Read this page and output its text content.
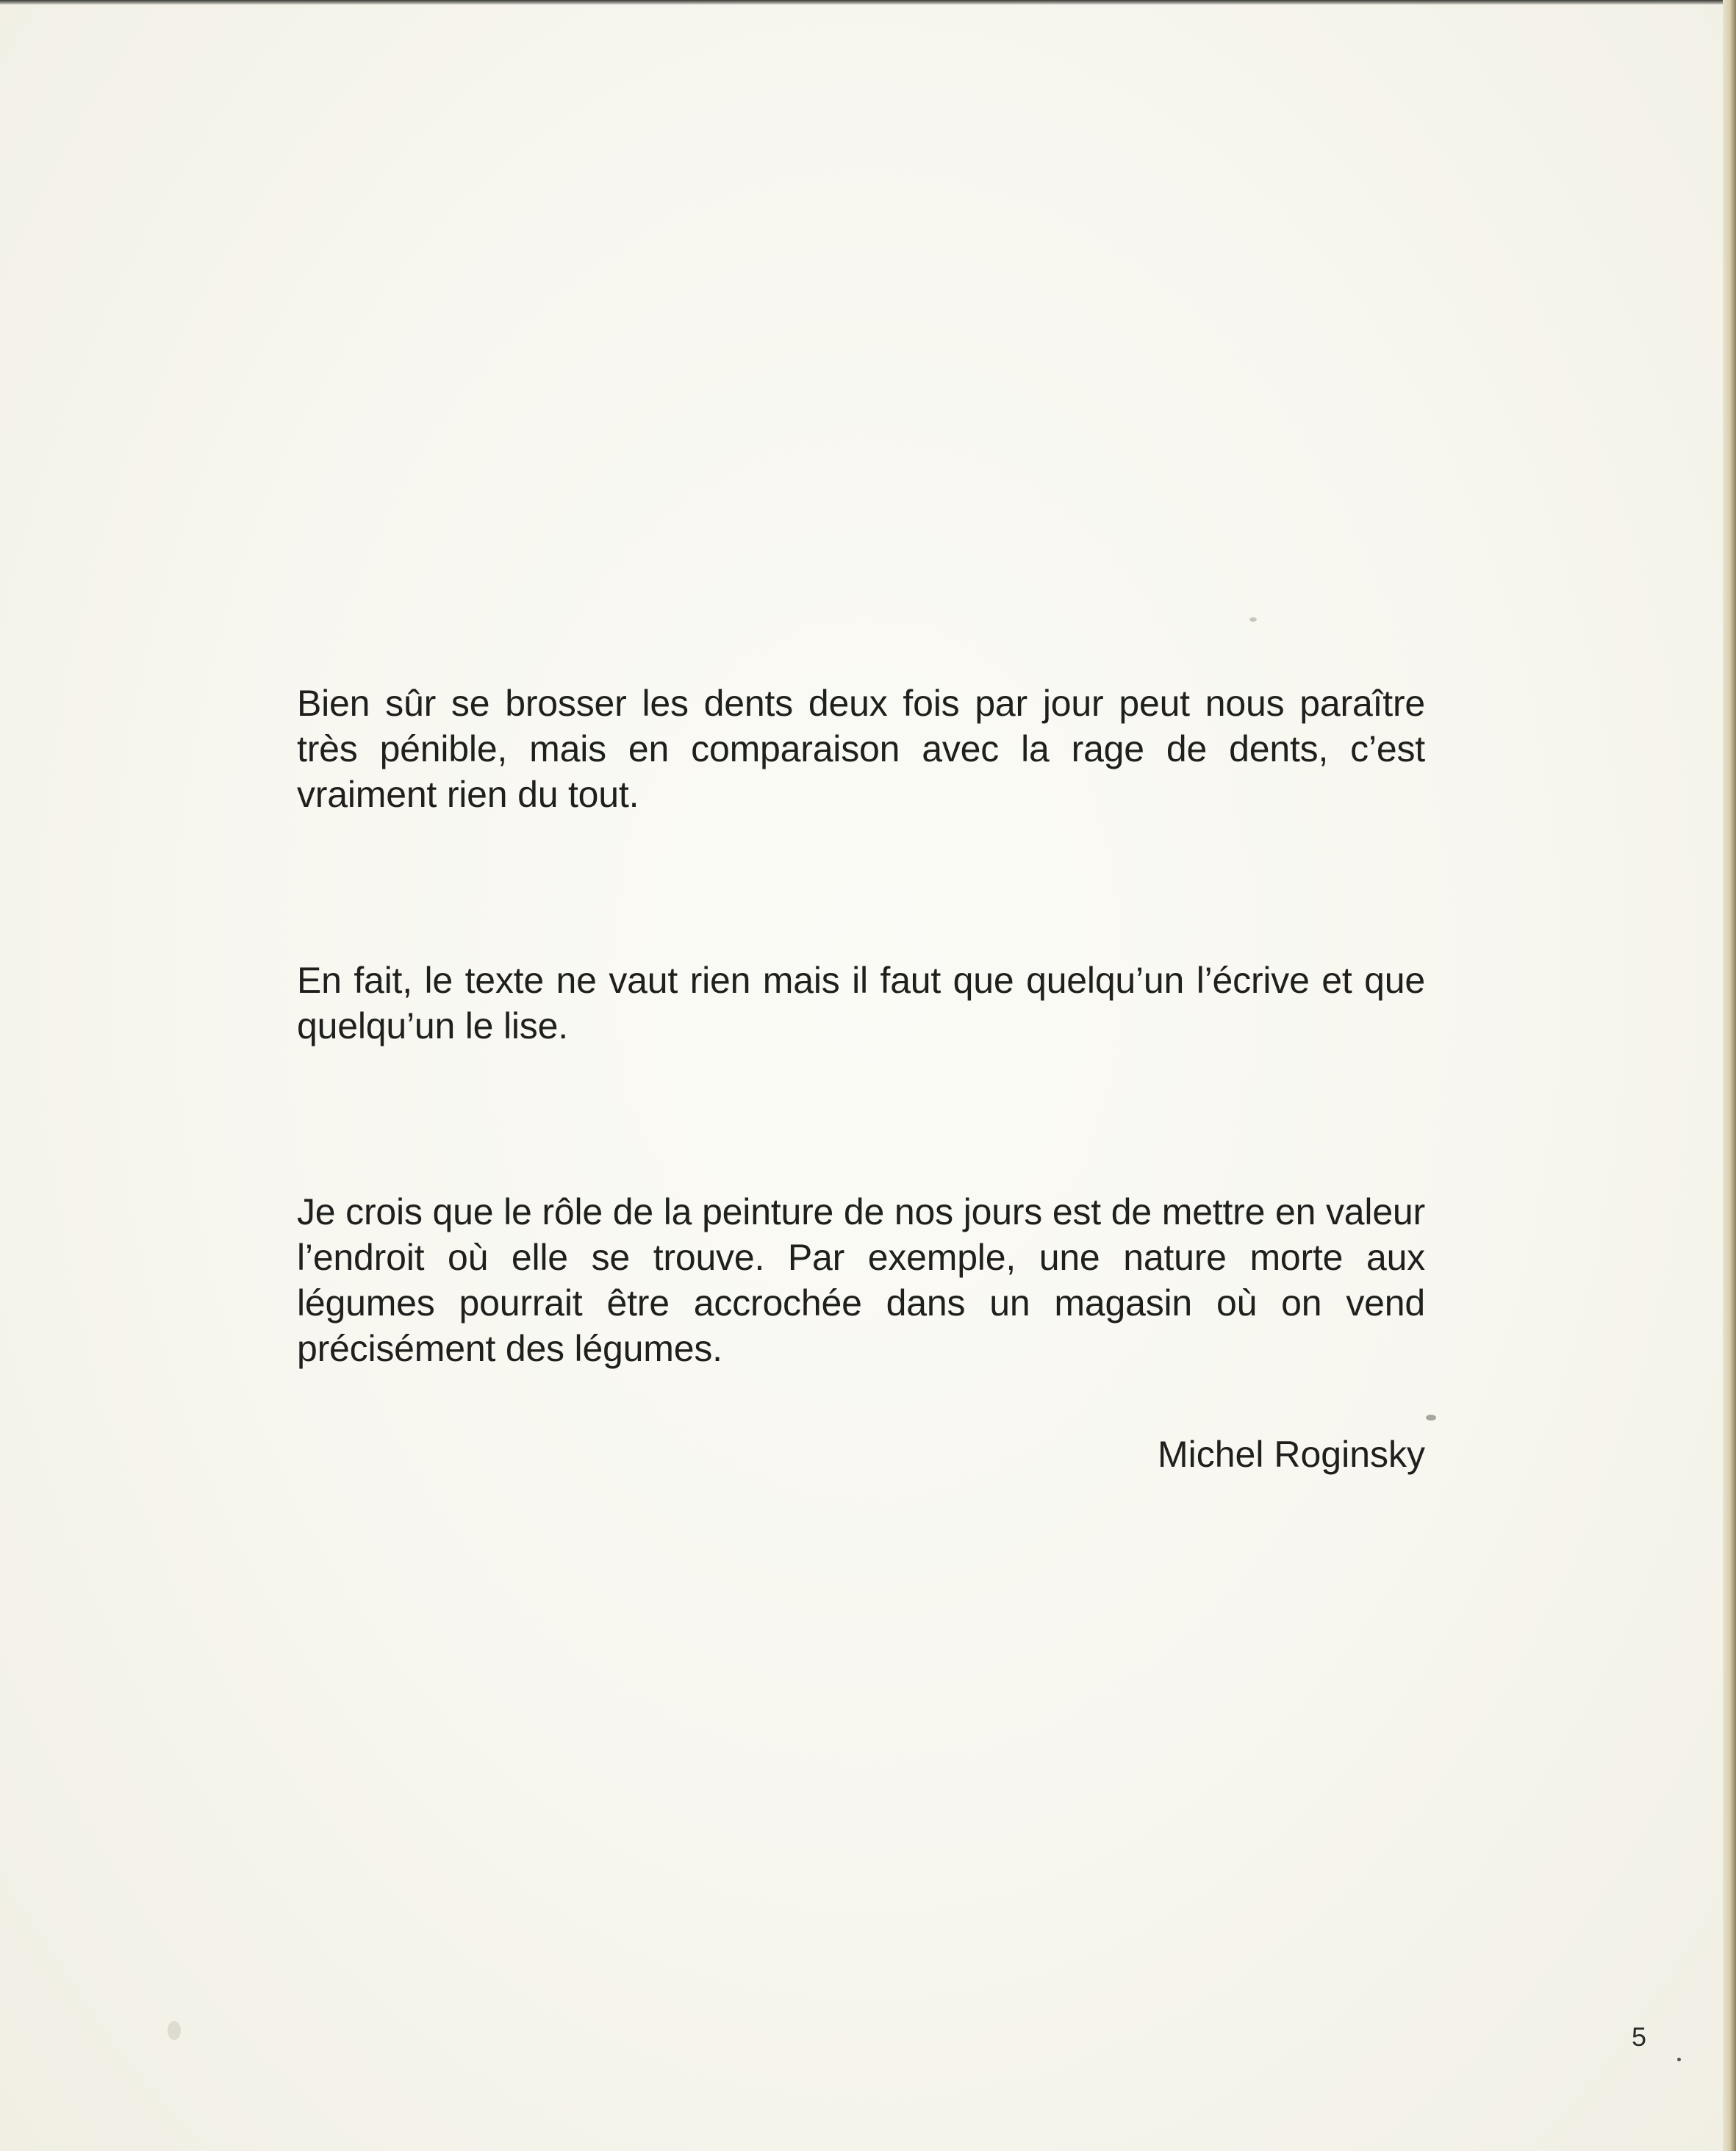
Bien sûr se brosser les dents deux fois par jour peut nous paraître très pénible, mais en comparaison avec la rage de dents, c’est vraiment rien du tout.

En fait, le texte ne vaut rien mais il faut que quelqu’un l’écrive et que quelqu’un le lise.

Je crois que le rôle de la peinture de nos jours est de mettre en valeur l’endroit où elle se trouve. Par exemple, une nature morte aux légumes pourrait être accrochée dans un magasin où on vend précisément des légumes.

Michel Roginsky
5
